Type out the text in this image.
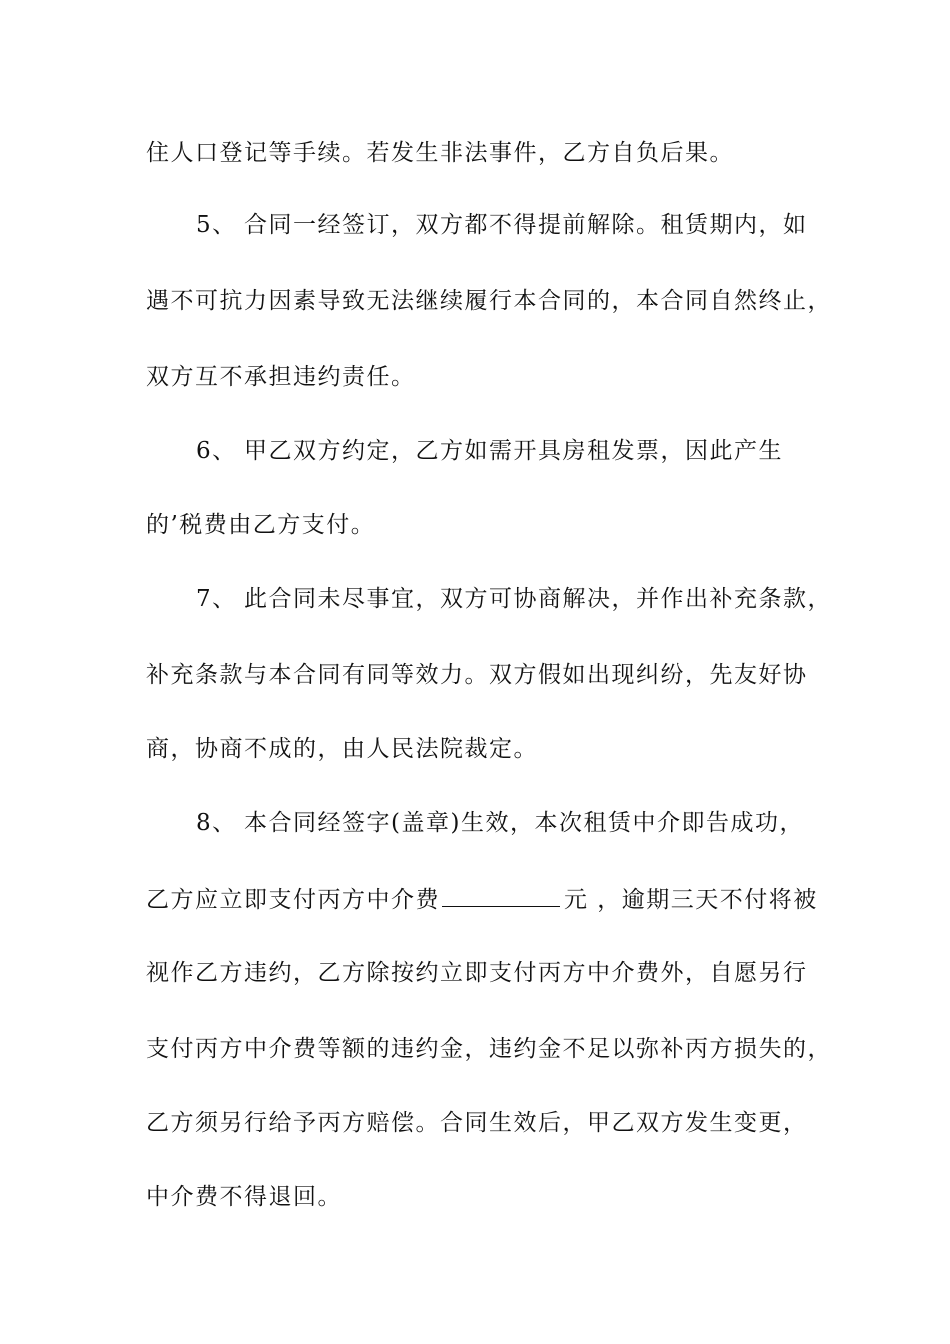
住人口登记等手续。若发生非法事件，乙方自负后果。
5、 合同一经签订，双方都不得提前解除。租赁期内，如
遇不可抗力因素导致无法继续履行本合同的，本合同自然终止，
双方互不承担违约责任。
6、 甲乙双方约定，乙方如需开具房租发票，因此产生
的’税费由乙方支付。
7、 此合同未尽事宜，双方可协商解决，并作出补充条款，
补充条款与本合同有同等效力。双方假如出现纠纷，先友好协
商，协商不成的，由人民法院裁定。
8、 本合同经签字(盖章)生效，本次租赁中介即告成功，
乙方应立即支付丙方中介费	元 ，逾期三天不付将被
视作乙方违约，乙方除按约立即支付丙方中介费外，自愿另行
支付丙方中介费等额的违约金，违约金不足以弥补丙方损失的，
乙方须另行给予丙方赔偿。合同生效后，甲乙双方发生变更，
中介费不得退回。
